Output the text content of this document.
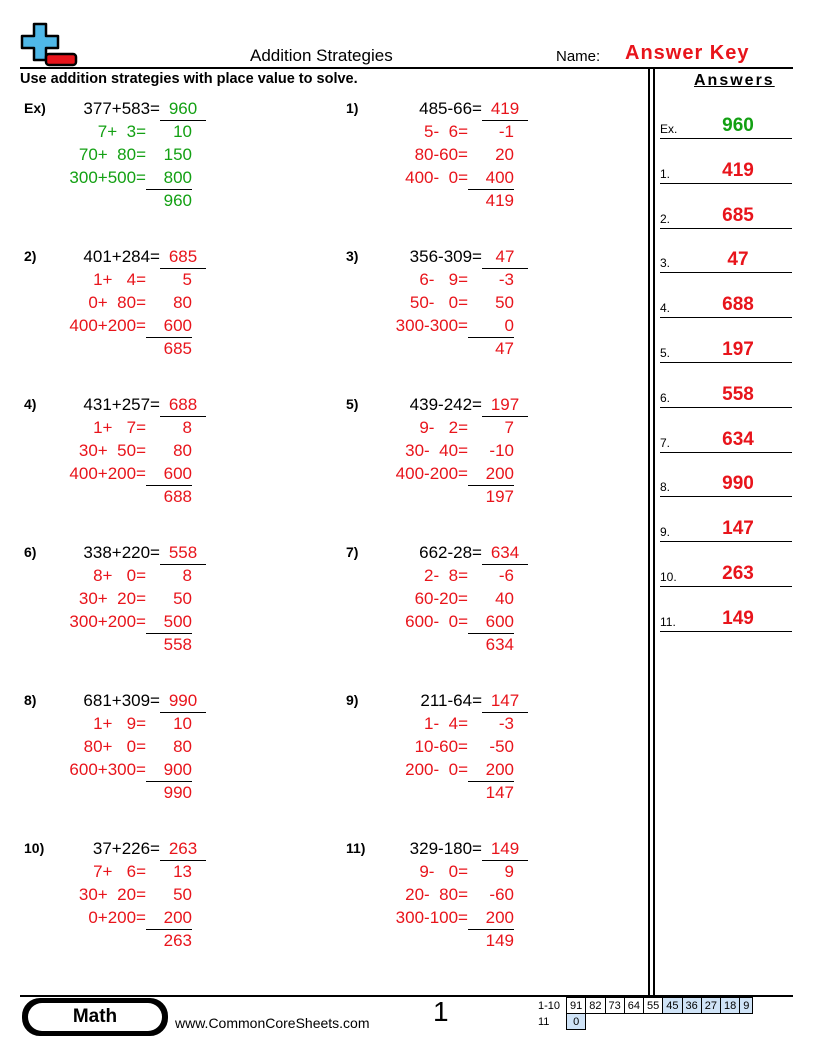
Addition Strategies	Name: Answer Key
Use addition strategies with place value to solve.	Answers
Ex) 377+583= 960
7+  3=	10
70+  80=	150
300+500=	800
960
1)	485-66= 419
5-  6=	-1
80-60=	20
400-  0=	400
419
2)	401+284= 685
1+   4=	5
0+  80=	80
400+200=	600
685
3)	356-309= 47
6-   9=	-3
50-   0=	50
300-300=	0
47
4)	431+257= 688
1+   7=	8
30+  50=	80
400+200=	600
688
5)	439-242= 197
9-   2=	7
30-  40=	-10
400-200=	200
197
6)	338+220= 558
8+   0=	8
30+  20=	50
300+200=	500
558
7)	662-28= 634
2-  8=	-6
60-20=	40
600-  0=	600
634
8)	681+309= 990
1+   9=	10
80+   0=	80
600+300=	900
990
9)	211-64= 147
1-  4=	-3
10-60=	-50
200-  0=	200
147
10)	37+226= 263
7+   6=	13
30+  20=	50
0+200=	200
263
11)	329-180= 149
9-   0=	9
20-  80=	-60
300-100=	200
149
Ex.	960
1.	419
2.	685
3.	47
4.	688
5.	197
6.	558
7.	634
8.	990
9.	147
10.	263
11.	149
Math	www.CommonCoreSheets.com 1	1-10	91	82	73	64	55	45	36	27	18	9
11	0									
